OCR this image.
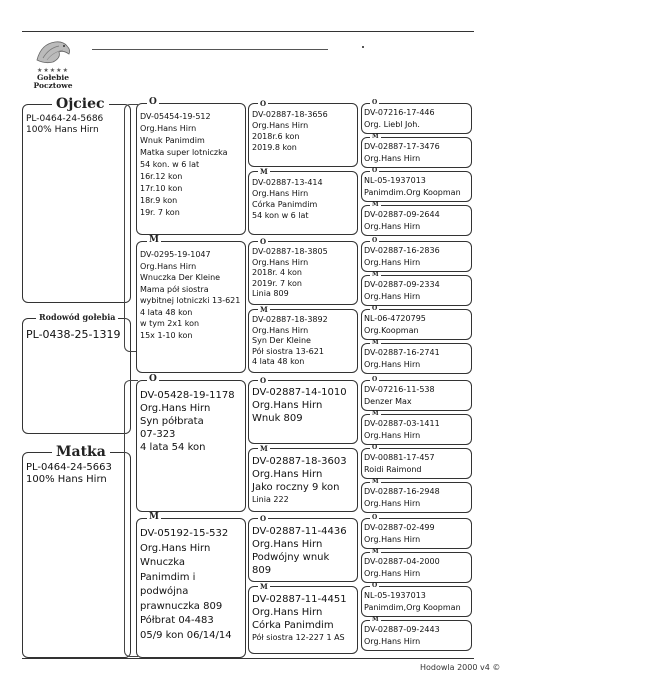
★★★★★
Gołebie
Pocztowe
PL-0464-24-5686
100% Hans Hirn
Ojciec
PL-0438-25-1319
Rodowód gołebia
PL-0464-24-5663
100% Hans Hirn
Matka
DV-05454-19-512
Org.Hans Hirn
Wnuk Panimdim
Matka super lotniczka
54 kon. w 6 lat
16r.12 kon
17r.10 kon
18r.9 kon
19r. 7 kon
O
DV-0295-19-1047
Org.Hans Hirn
Wnuczka Der Kleine
Mama pół siostra
wybitnej lotniczki 13-621
4 lata 48 kon
w tym 2x1 kon
15x 1-10 kon
M
DV-05428-19-1178
Org.Hans Hirn
Syn półbrata
07-323
4 lata 54 kon
O
DV-05192-15-532
Org.Hans Hirn
Wnuczka
Panimdim i
podwójna
prawnuczka 809
Półbrat 04-483
05/9 kon 06/14/14
M
DV-02887-18-3656
Org.Hans Hirn
2018r.6 kon
2019.8 kon
O
DV-02887-13-414
Org.Hans Hirn
Córka Panimdim
54 kon w 6 lat
M
DV-02887-18-3805
Org.Hans Hirn
2018r. 4 kon
2019r. 7 kon
Linia 809
O
DV-02887-18-3892
Org.Hans Hirn
Syn Der Kleine
Pół siostra 13-621
4 lata 48 kon
M
DV-02887-14-1010
Org.Hans Hirn
Wnuk 809
O
DV-02887-18-3603
Org.Hans Hirn
Jako roczny 9 kon
Linia 222
M
DV-02887-11-4436
Org.Hans Hirn
Podwójny wnuk
809
O
DV-02887-11-4451
Org.Hans Hirn
Córka Panimdim
Pół siostra 12-227 1 AS
M
DV-07216-17-446
Org. Liebl Joh.
O
DV-02887-17-3476
Org.Hans Hirn
M
NL-05-1937013
Panimdim.Org Koopman
O
DV-02887-09-2644
Org.Hans Hirn
M
DV-02887-16-2836
Org.Hans Hirn
O
DV-02887-09-2334
Org.Hans Hirn
M
NL-06-4720795
Org.Koopman
O
DV-02887-16-2741
Org.Hans Hirn
M
DV-07216-11-538
Denzer Max
O
DV-02887-03-1411
Org.Hans Hirn
M
DV-00881-17-457
Roidi Raimond
O
DV-02887-16-2948
Org.Hans Hirn
M
DV-02887-02-499
Org.Hans Hirn
O
DV-02887-04-2000
Org.Hans Hirn
M
NL-05-1937013
Panimdim,Org Koopman
O
DV-02887-09-2443
Org.Hans Hirn
M
Hodowla 2000 v4 ©
